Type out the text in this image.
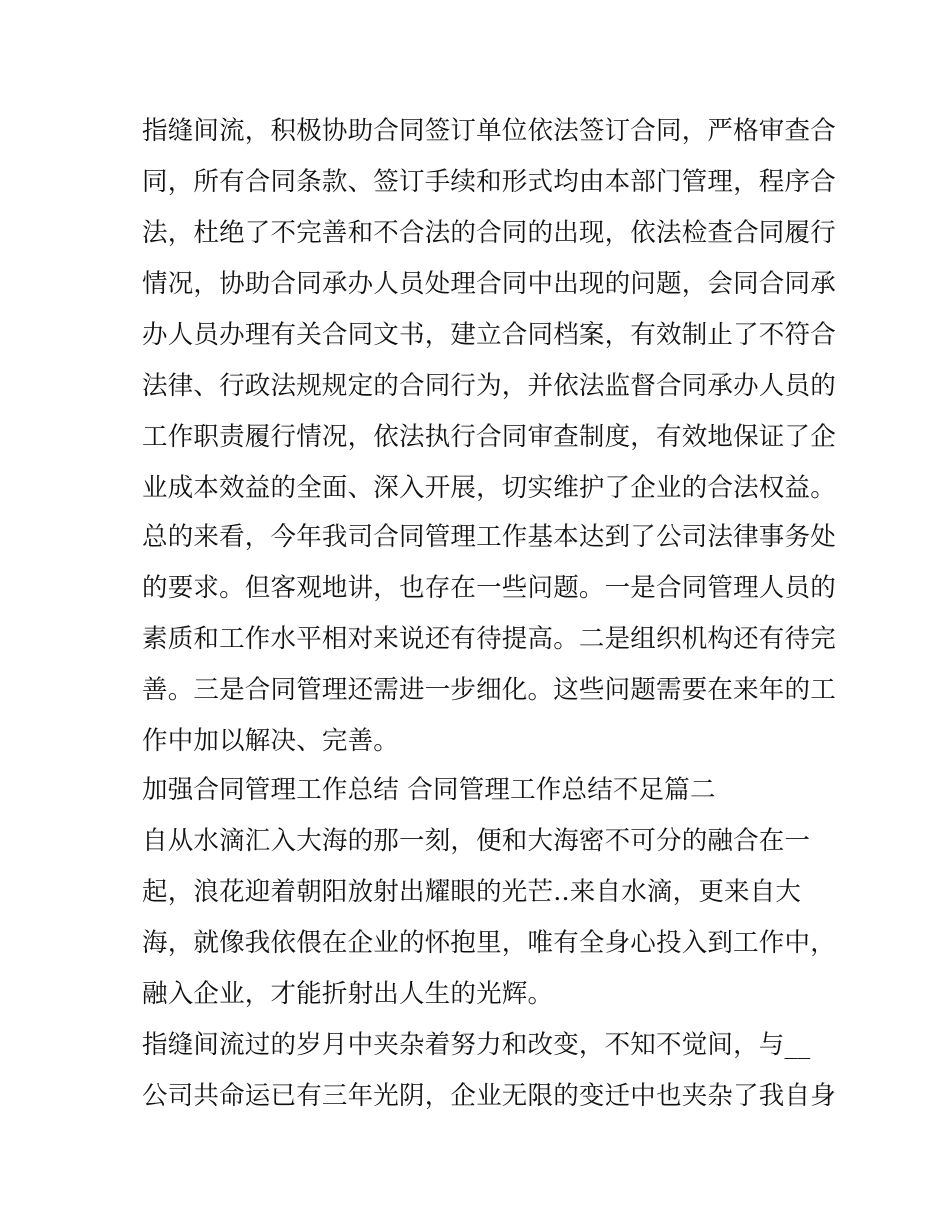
指缝间流，积极协助合同签订单位依法签订合同，严格审查合
同，所有合同条款、签订手续和形式均由本部门管理，程序合
法，杜绝了不完善和不合法的合同的出现，依法检查合同履行
情况，协助合同承办人员处理合同中出现的问题，会同合同承
办人员办理有关合同文书，建立合同档案，有效制止了不符合
法律、行政法规规定的合同行为，并依法监督合同承办人员的
工作职责履行情况，依法执行合同审查制度，有效地保证了企
业成本效益的全面、深入开展，切实维护了企业的合法权益。
总的来看，今年我司合同管理工作基本达到了公司法律事务处
的要求。但客观地讲，也存在一些问题。一是合同管理人员的
素质和工作水平相对来说还有待提高。二是组织机构还有待完
善。三是合同管理还需进一步细化。这些问题需要在来年的工
作中加以解决、完善。
加强合同管理工作总结 合同管理工作总结不足篇二
自从水滴汇入大海的那一刻，便和大海密不可分的融合在一
起，浪花迎着朝阳放射出耀眼的光芒..来自水滴，更来自大
海，就像我依偎在企业的怀抱里，唯有全身心投入到工作中，
融入企业，才能折射出人生的光辉。
指缝间流过的岁月中夹杂着努力和改变，不知不觉间，与__
公司共命运已有三年光阴，企业无限的变迁中也夹杂了我自身
